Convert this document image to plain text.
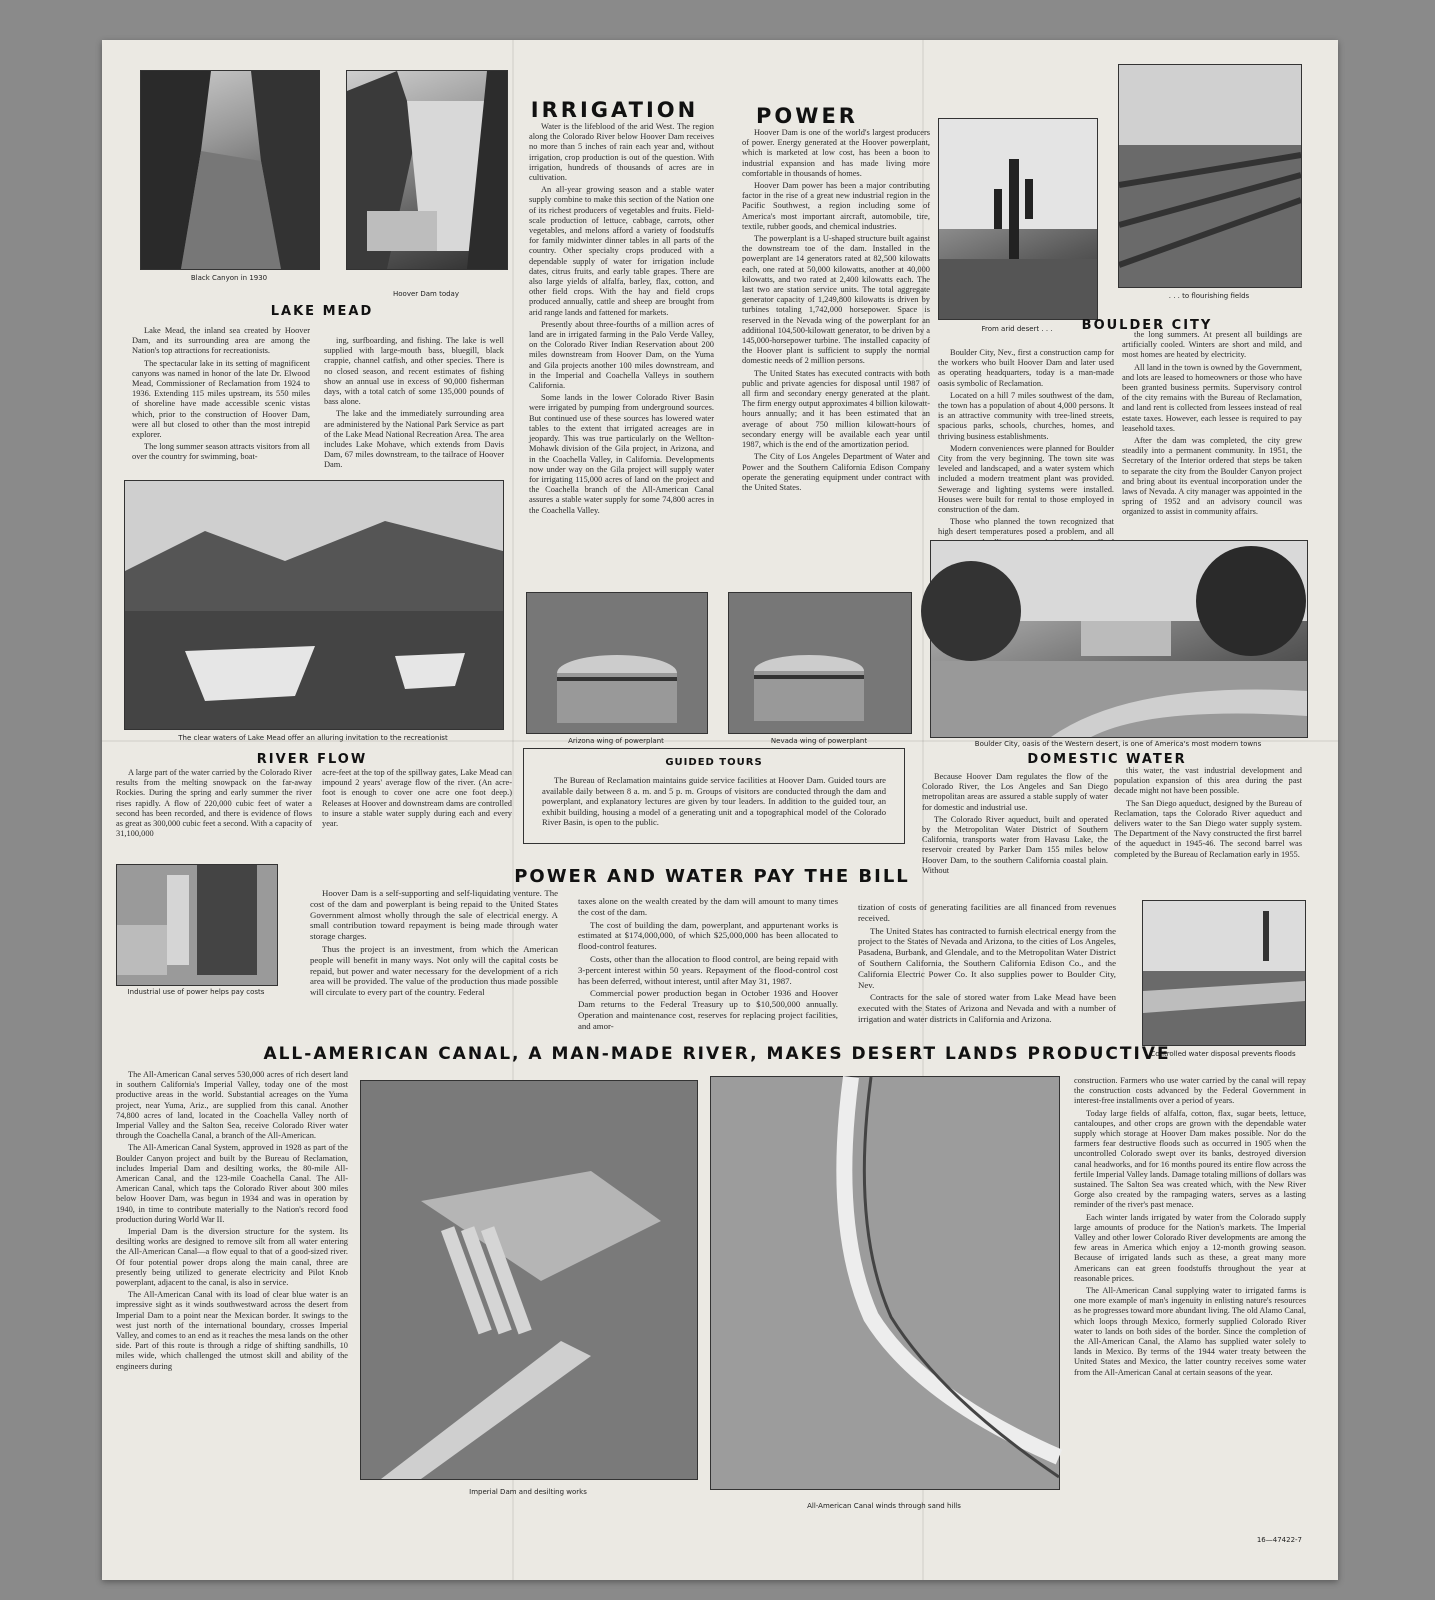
Black Canyon in 1930
Hoover Dam today
IRRIGATION

Water is the lifeblood of the arid West. The region along the Colorado River below Hoover Dam receives no more than 5 inches of rain each year and, without irrigation, crop production is out of the question. With irrigation, hundreds of thousands of acres are in cultivation.

An all-year growing season and a stable water supply combine to make this section of the Nation one of its richest producers of vegetables and fruits. Field-scale production of lettuce, cabbage, carrots, other vegetables, and melons afford a variety of foodstuffs for family midwinter dinner tables in all parts of the country. Other specialty crops produced with a dependable supply of water for irrigation include dates, citrus fruits, and early table grapes. There are also large yields of alfalfa, barley, flax, cotton, and other field crops. With the hay and field crops produced annually, cattle and sheep are brought from arid range lands and fattened for markets.

Presently about three-fourths of a million acres of land are in irrigated farming in the Palo Verde Valley, on the Colorado River Indian Reservation about 200 miles downstream from Hoover Dam, on the Yuma and Gila projects another 100 miles downstream, and in the Imperial and Coachella Valleys in southern California.

Some lands in the lower Colorado River Basin were irrigated by pumping from underground sources. But continued use of these sources has lowered water tables to the extent that irrigated acreages are in jeopardy. This was true particularly on the Wellton-Mohawk division of the Gila project, in Arizona, and in the Coachella Valley, in California. Developments now under way on the Gila project will supply water for irrigating 115,000 acres of land on the project and the Coachella branch of the All-American Canal assures a stable water supply for some 74,800 acres in the Coachella Valley.

POWER

Hoover Dam is one of the world's largest producers of power. Energy generated at the Hoover powerplant, which is marketed at low cost, has been a boon to industrial expansion and has made living more comfortable in thousands of homes.

Hoover Dam power has been a major contributing factor in the rise of a great new industrial region in the Pacific Southwest, a region including some of America's most important aircraft, automobile, tire, textile, rubber goods, and chemical industries.

The powerplant is a U-shaped structure built against the downstream toe of the dam. Installed in the powerplant are 14 generators rated at 82,500 kilowatts each, one rated at 50,000 kilowatts, another at 40,000 kilowatts, and two rated at 2,400 kilowatts each. The last two are station service units. The total aggregate generator capacity of 1,249,800 kilowatts is driven by turbines totaling 1,742,000 horsepower. Space is reserved in the Nevada wing of the powerplant for an additional 104,500-kilowatt generator, to be driven by a 145,000-horsepower turbine. The installed capacity of the Hoover plant is sufficient to supply the normal domestic needs of 2 million persons.

The United States has executed contracts with both public and private agencies for disposal until 1987 of all firm and secondary energy generated at the plant. The firm energy output approximates 4 billion kilowatt-hours annually; and it has been estimated that an average of about 750 million kilowatt-hours of secondary energy will be available each year until 1987, which is the end of the amortization period.

The City of Los Angeles Department of Water and Power and the Southern California Edison Company operate the generating equipment under contract with the United States.

From arid desert . . .
. . . to flourishing fields
LAKE MEAD

Lake Mead, the inland sea created by Hoover Dam, and its surrounding area are among the Nation's top attractions for recreationists.

The spectacular lake in its setting of magnificent canyons was named in honor of the late Dr. Elwood Mead, Commissioner of Reclamation from 1924 to 1936. Extending 115 miles upstream, its 550 miles of shoreline have made accessible scenic vistas which, prior to the construction of Hoover Dam, were all but closed to other than the most intrepid explorer.

The long summer season attracts visitors from all over the country for swimming, boat-

ing, surfboarding, and fishing. The lake is well supplied with large-mouth bass, bluegill, black crappie, channel catfish, and other species. There is no closed season, and recent estimates of fishing show an annual use in excess of 90,000 fisherman days, with a total catch of some 135,000 pounds of bass alone.

The lake and the immediately surrounding area are administered by the National Park Service as part of the Lake Mead National Recreation Area. The area includes Lake Mohave, which extends from Davis Dam, 67 miles downstream, to the tailrace of Hoover Dam.

The clear waters of Lake Mead offer an alluring invitation to the recreationist	Arizona wing of powerplant	Nevada wing of powerplant
BOULDER CITY

Boulder City, Nev., first a construction camp for the workers who built Hoover Dam and later used as operating headquarters, today is a man-made oasis symbolic of Reclamation.

Located on a hill 7 miles southwest of the dam, the town has a population of about 4,000 persons. It is an attractive community with tree-lined streets, spacious parks, schools, churches, homes, and thriving business establishments.

Modern conveniences were planned for Boulder City from the very beginning. The town site was leveled and landscaped, and a water system which included a modern treatment plant was provided. Sewerage and lighting systems were installed. Houses were built for rental to those employed in construction of the dam.

Those who planned the town recognized that high desert temperatures posed a problem, and all

the long summers. At present all buildings are artificially cooled. Winters are short and mild, and most homes are heated by electricity.

All land in the town is owned by the Government, and lots are leased to homeowners or those who have been granted business permits. Supervisory control of the city remains with the Bureau of Reclamation, and land rent is collected from lessees instead of real estate taxes. However, each lessee is required to pay leasehold taxes.

After the dam was completed, the city grew steadily into a permanent community. In 1951, the Secretary of the Interior ordered that steps be taken to separate the city from the Boulder Canyon project and bring about its eventual incorporation under the laws of Nevada. A city manager was appointed in the spring of 1952 and an advisory council was organized to assist in community affairs.

Boulder City, oasis of the Western desert, is one of America's most modern towns
RIVER FLOW

A large part of the water carried by the Colorado River results from the melting snowpack on the far-away Rockies. During the spring and early summer the river rises rapidly. A flow of 220,000 cubic feet of water a second has been recorded, and there is evidence of flows as great as 300,000 cubic feet a second. With a capacity of 31,100,000

acre-feet at the top of the spillway gates, Lake Mead can impound 2 years' average flow of the river. (An acre-foot is enough to cover one acre one foot deep.) Releases at Hoover and downstream dams are controlled to insure a stable water supply during each and every year.

GUIDED TOURS

The Bureau of Reclamation maintains guide service facilities at Hoover Dam. Guided tours are available daily between 8 a. m. and 5 p. m. Groups of visitors are conducted through the dam and powerplant, and explanatory lectures are given by tour leaders. In addition to the guided tour, an exhibit building, housing a model of a generating unit and a topographical model of the Colorado River Basin, is open to the public.

DOMESTIC WATER

Because Hoover Dam regulates the flow of the Colorado River, the Los Angeles and San Diego metropolitan areas are assured a stable supply of water for domestic and industrial use.

The Colorado River aqueduct, built and operated by the Metropolitan Water District of Southern California, transports water from Havasu Lake, the reservoir created by Parker Dam 155 miles below Hoover Dam, to the southern California coastal plain. Without

this water, the vast industrial development and population expansion of this area during the past decade might not have been possible.

The San Diego aqueduct, designed by the Bureau of Reclamation, taps the Colorado River aqueduct and delivers water to the San Diego water supply system. The Department of the Navy constructed the first barrel of the aqueduct in 1945-46. The second barrel was completed by the Bureau of Reclamation early in 1955.

POWER AND WATER PAY THE BILL
Industrial use of power helps pay costs

Hoover Dam is a self-supporting and self-liquidating venture. The cost of the dam and powerplant is being repaid to the United States Government almost wholly through the sale of electrical energy. A small contribution toward repayment is being made through water storage charges.

Thus the project is an investment, from which the American people will benefit in many ways. Not only will the capital costs be repaid, but power and water necessary for the development of a rich area will be provided. The value of the production thus made possible will circulate to every part of the country. Federal

taxes alone on the wealth created by the dam will amount to many times the cost of the dam.

The cost of building the dam, powerplant, and appurtenant works is estimated at $174,000,000, of which $25,000,000 has been allocated to flood-control features.

Costs, other than the allocation to flood control, are being repaid with 3-percent interest within 50 years. Repayment of the flood-control cost has been deferred, without interest, until after May 31, 1987.

Commercial power production began in October 1936 and Hoover Dam returns to the Federal Treasury up to $10,500,000 annually. Operation and maintenance cost, reserves for replacing project facilities, and amor-

tization of costs of generating facilities are all financed from revenues received.

The United States has contracted to furnish electrical energy from the project to the States of Nevada and Arizona, to the cities of Los Angeles, Pasadena, Burbank, and Glendale, and to the Metropolitan Water District of Southern California, the Southern California Edison Co., and the California Electric Power Co. It also supplies power to Boulder City, Nev.

Contracts for the sale of stored water from Lake Mead have been executed with the States of Arizona and Nevada and with a number of irrigation and water districts in California and Arizona.

Controlled water disposal prevents floods
ALL-AMERICAN CANAL, A MAN-MADE RIVER, MAKES DESERT LANDS PRODUCTIVE

The All-American Canal serves 530,000 acres of rich desert land in southern California's Imperial Valley, today one of the most productive areas in the world. Substantial acreages on the Yuma project, near Yuma, Ariz., are supplied from this canal. Another 74,800 acres of land, located in the Coachella Valley north of Imperial Valley and the Salton Sea, receive Colorado River water through the Coachella Canal, a branch of the All-American.

The All-American Canal System, approved in 1928 as part of the Boulder Canyon project and built by the Bureau of Reclamation, includes Imperial Dam and desilting works, the 80-mile All-American Canal, and the 123-mile Coachella Canal. The All-American Canal, which taps the Colorado River about 300 miles below Hoover Dam, was begun in 1934 and was in operation by 1940, in time to contribute materially to the Nation's record food production during World War II.

Imperial Dam is the diversion structure for the system. Its desilting works are designed to remove silt from all water entering the All-American Canal—a flow equal to that of a good-sized river. Of four potential power drops along the main canal, three are presently being utilized to generate electricity and Pilot Knob powerplant, adjacent to the canal, is also in service.

The All-American Canal with its load of clear blue water is an impressive sight as it winds southwestward across the desert from Imperial Dam to a point near the Mexican border. It swings to the west just north of the international boundary, crosses Imperial Valley, and comes to an end as it reaches the mesa lands on the other side. Part of this route is through a ridge of shifting sandhills, 10 miles wide, which challenged the utmost skill and ability of the engineers during

Imperial Dam and desilting works
All-American Canal winds through sand hills

construction. Farmers who use water carried by the canal will repay the construction costs advanced by the Federal Government in interest-free installments over a period of years.

Today large fields of alfalfa, cotton, flax, sugar beets, lettuce, cantaloupes, and other crops are grown with the dependable water supply which storage at Hoover Dam makes possible. Nor do the farmers fear destructive floods such as occurred in 1905 when the uncontrolled Colorado swept over its banks, destroyed diversion canal headworks, and for 16 months poured its entire flow across the fertile Imperial Valley lands. Damage totaling millions of dollars was sustained. The Salton Sea was created which, with the New River Gorge also created by the rampaging waters, serves as a lasting reminder of the river's past menace.

Each winter lands irrigated by water from the Colorado supply large amounts of produce for the Nation's markets. The Imperial Valley and other lower Colorado River developments are among the few areas in America which enjoy a 12-month growing season. Because of irrigated lands such as these, a great many more Americans can eat green foodstuffs throughout the year at reasonable prices.

The All-American Canal supplying water to irrigated farms is one more example of man's ingenuity in enlisting nature's resources as he progresses toward more abundant living. The old Alamo Canal, which loops through Mexico, formerly supplied Colorado River water to lands on both sides of the border. Since the completion of the All-American Canal, the Alamo has supplied water solely to lands in Mexico. By terms of the 1944 water treaty between the United States and Mexico, the latter country receives some water from the All-American Canal at certain seasons of the year.

16—47422-7
